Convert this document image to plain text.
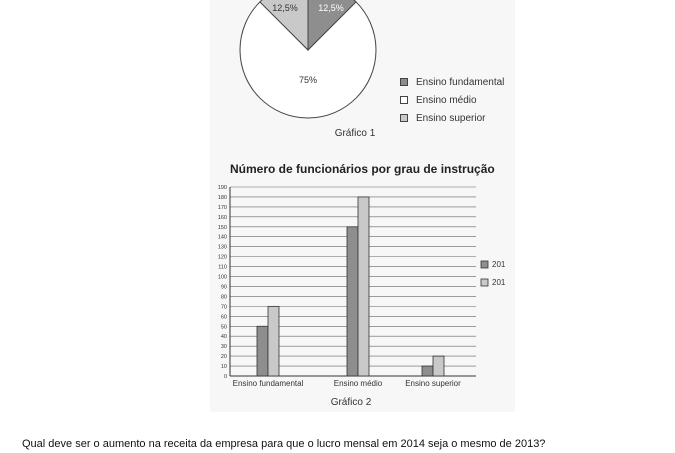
12,5%
75%
12,5%
Ensino fundamental
Ensino médio
Ensino superior
Gráfico 1
Número de funcionários por grau de instrução
0
10
20
30
40
50
60
70
80
90
100
110
120
130
140
150
160
170
180
190
Ensino fundamental	Ensino médio	Ensino superior
201
201
Gráfico 2
Qual deve ser o aumento na receita da empresa para que o lucro mensal em 2014 seja o mesmo de 2013?
